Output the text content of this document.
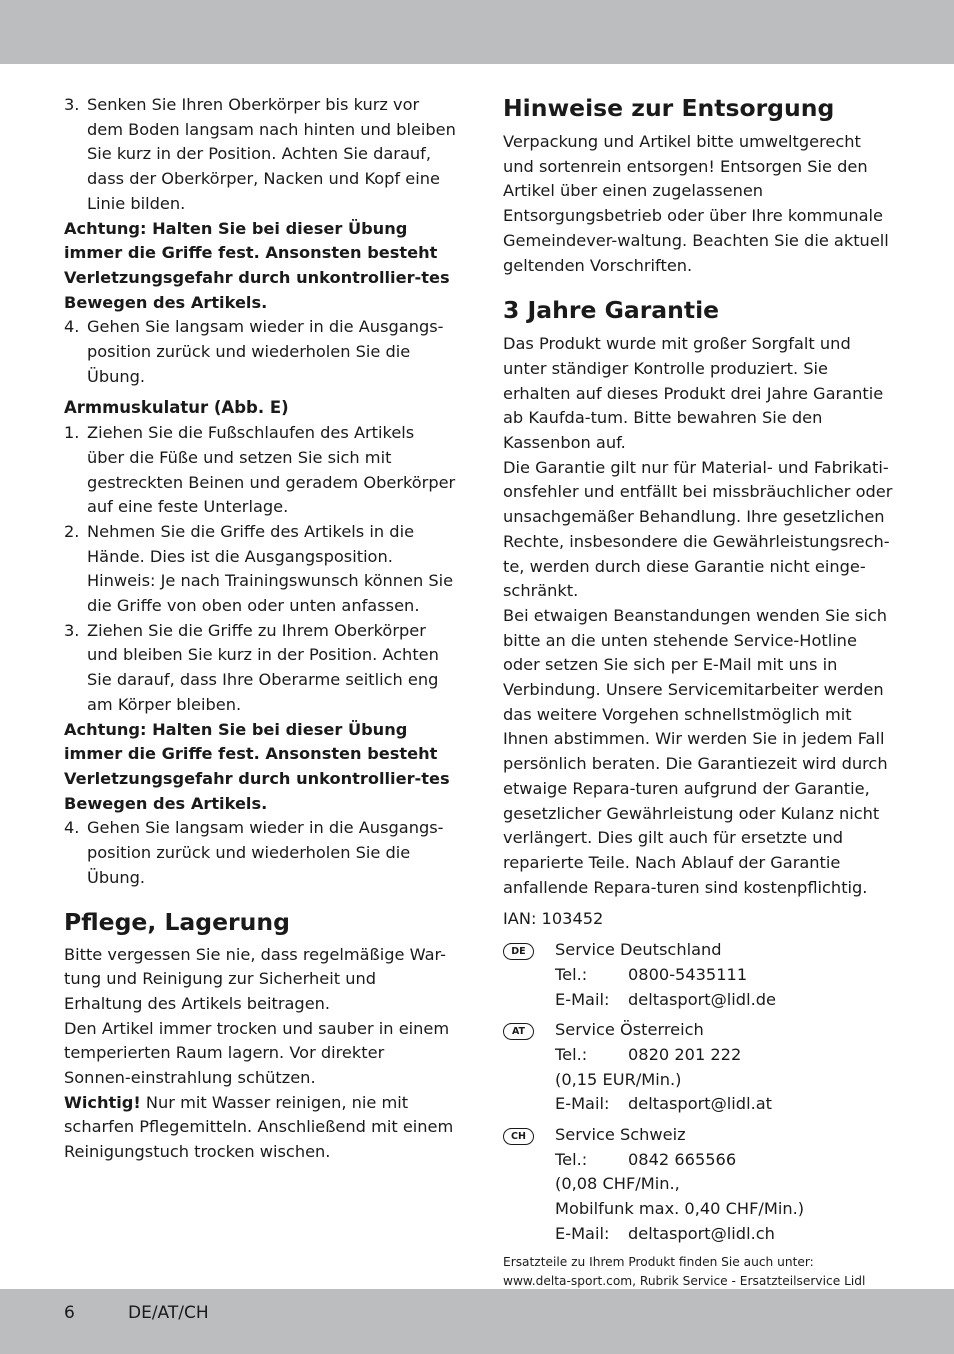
3. Senken Sie Ihren Oberkörper bis kurz vor dem Boden langsam nach hinten und bleiben Sie kurz in der Position. Achten Sie darauf, dass der Oberkörper, Nacken und Kopf eine Linie bilden.

Achtung: Halten Sie bei dieser Übung immer die Griffe fest. Ansonsten besteht Verletzungsgefahr durch unkontrollier-tes Bewegen des Artikels.

4. Gehen Sie langsam wieder in die Ausgangs-position zurück und wiederholen Sie die Übung.

Armmuskulatur (Abb. E)

1. Ziehen Sie die Fußschlaufen des Artikels über die Füße und setzen Sie sich mit gestreckten Beinen und geradem Oberkörper auf eine feste Unterlage.
2. Nehmen Sie die Griffe des Artikels in die Hände. Dies ist die Ausgangsposition. Hinweis: Je nach Trainingswunsch können Sie die Griffe von oben oder unten anfassen.
3. Ziehen Sie die Griffe zu Ihrem Oberkörper und bleiben Sie kurz in der Position. Achten Sie darauf, dass Ihre Oberarme seitlich eng am Körper bleiben.

Achtung: Halten Sie bei dieser Übung immer die Griffe fest. Ansonsten besteht Verletzungsgefahr durch unkontrollier-tes Bewegen des Artikels.

4. Gehen Sie langsam wieder in die Ausgangs-position zurück und wiederholen Sie die Übung.

Pflege, Lagerung

Bitte vergessen Sie nie, dass regelmäßige War-tung und Reinigung zur Sicherheit und Erhaltung des Artikels beitragen.

Den Artikel immer trocken und sauber in einem temperierten Raum lagern. Vor direkter Sonnen-einstrahlung schützen.

Wichtig! Nur mit Wasser reinigen, nie mit scharfen Pflegemitteln. Anschließend mit einem Reinigungstuch trocken wischen.

Hinweise zur Entsorgung

Verpackung und Artikel bitte umweltgerecht und sortenrein entsorgen! Entsorgen Sie den Artikel über einen zugelassenen Entsorgungsbetrieb oder über Ihre kommunale Gemeindever-waltung. Beachten Sie die aktuell geltenden Vorschriften.

3 Jahre Garantie

Das Produkt wurde mit großer Sorgfalt und unter ständiger Kontrolle produziert. Sie erhalten auf dieses Produkt drei Jahre Garantie ab Kaufda-tum. Bitte bewahren Sie den Kassenbon auf.

Die Garantie gilt nur für Material- und Fabrikati-onsfehler und entfällt bei missbräuchlicher oder unsachgemäßer Behandlung. Ihre gesetzlichen Rechte, insbesondere die Gewährleistungsrech-te, werden durch diese Garantie nicht einge-schränkt.

Bei etwaigen Beanstandungen wenden Sie sich bitte an die unten stehende Service-Hotline oder setzen Sie sich per E-Mail mit uns in Verbindung. Unsere Servicemitarbeiter werden das weitere Vorgehen schnellstmöglich mit Ihnen abstimmen. Wir werden Sie in jedem Fall persönlich beraten. Die Garantiezeit wird durch etwaige Repara-turen aufgrund der Garantie, gesetzlicher Gewährleistung oder Kulanz nicht verlängert. Dies gilt auch für ersetzte und reparierte Teile. Nach Ablauf der Garantie anfallende Repara-turen sind kostenpflichtig.

IAN: 103452

DE	Service Deutschland
Tel.:	0800-5435111
E-Mail:	deltasport@lidl.de
AT	Service Österreich
Tel.:	0820 201 222
(0,15 EUR/Min.)
E-Mail:	deltasport@lidl.at
CH	Service Schweiz
Tel.:	0842 665566
(0,08 CHF/Min.,
Mobilfunk max. 0,40 CHF/Min.)
E-Mail:	deltasport@lidl.ch

Ersatzteile zu Ihrem Produkt finden Sie auch unter:

www.delta-sport.com, Rubrik Service - Ersatzteilservice Lidl

6	DE/AT/CH
